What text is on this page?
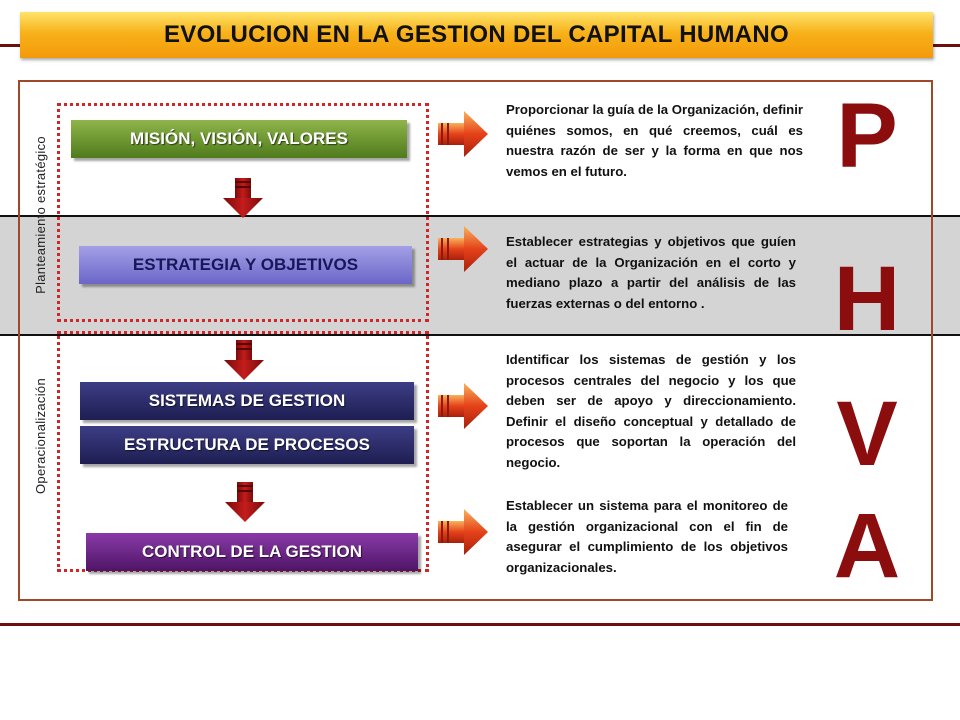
EVOLUCION EN LA GESTION DEL CAPITAL HUMANO
Planteamiento estratégico
Operacionalización
MISIÓN, VISIÓN, VALORES
ESTRATEGIA Y OBJETIVOS
SISTEMAS DE GESTION
ESTRUCTURA DE PROCESOS
CONTROL DE LA GESTION
Proporcionar la guía de la Organización, definir quiénes somos, en qué creemos, cuál es nuestra razón de ser y la forma en que nos vemos en el futuro.
Establecer estrategias y objetivos que guíen el actuar de la Organización en el corto y mediano plazo a partir del análisis de las fuerzas externas o del entorno .
Identificar los sistemas de gestión y los procesos centrales del negocio y los que deben ser de apoyo y direccionamiento. Definir el diseño conceptual y detallado de procesos que soportan la operación del negocio.
Establecer un sistema para el monitoreo de la gestión organizacional con el fin de asegurar el cumplimiento de los objetivos organizacionales.
P
H
V
A
